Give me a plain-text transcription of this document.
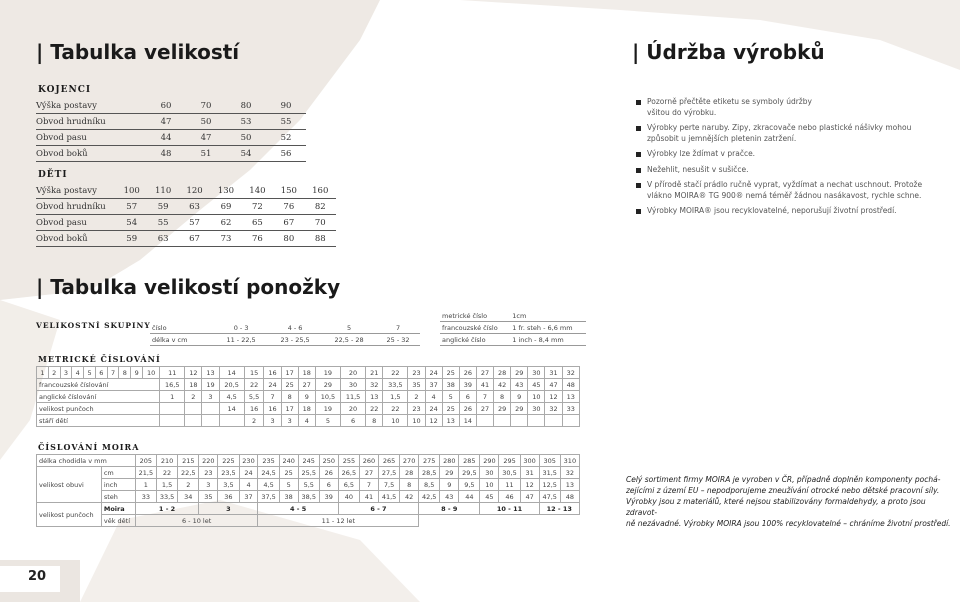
| Tabulka velikostí
KOJENCI
Výška postavy	60	70	80	90
Obvod hrudníku	47	50	53	55
Obvod pasu	44	47	50	52
Obvod boků	48	51	54	56
DĚTI
Výška postavy	100	110	120	130	140	150	160
Obvod hrudníku	57	59	63	69	72	76	82
Obvod pasu	54	55	57	62	65	67	70
Obvod boků	59	63	67	73	76	80	88
| Údržba výrobků
Pozorně přečtěte etiketu se symboly údržby
všitou do výrobku.
Výrobky perte naruby. Zipy, zkracovače nebo plastické nášivky mohou
způsobit u jemnějších pletenin zatržení.
Výrobky lze ždímat v pračce.
Nežehlit, nesušit v sušičce.
V přírodě stačí prádlo ručně vyprat, vyždímat a nechat uschnout. Protože
vlákno MOIRA® TG 900® nemá téměř žádnou nasákavost, rychle schne.
Výrobky MOIRA® jsou recyklovatelné, neporušují životní prostředí.
| Tabulka velikostí ponožky
VELIKOSTNÍ SKUPINY číslo	0 - 3	4 - 6	5	7
délka v cm	11 - 22,5	23 - 25,5	22,5 - 28	25 - 32
metrické číslo	1cm
francouzské číslo	1 fr. steh - 6,6 mm
anglické číslo	1 inch - 8,4 mm
METRICKÉ ČÍSLOVÁNÍ
1	2	3	4	5	6	7	8	9	10	11	12	13	14	15	16	17	18	19	20	21	22	23	24	25	26	27	28	29	30	31	32
francouzské číslování										16,5	18	19	20,5	22	24	25	27	29	30	32	33,5	35	37	38	39	41	42	43	45	47	48
anglické číslování										1	2	3	4,5	5,5	7	8	9	10,5	11,5	13	1,5	2	4	5	6	7	8	9	10	12	13
velikost punčoch													14	16	16	17	18	19	20	22	22	23	24	25	26	27	29	29	30	32	33
stáří dětí														2	3	3	4	5	6	8	10	10	12	13	14						
ČÍSLOVÁNÍ MOIRA
délka chodidla v mm		205	210	215	220	225	230	235	240	245	250	255	260	265	270	275	280	285	290	295	300	305	310
velikost obuvi	cm	21,5	22	22,5	23	23,5	24	24,5	25	25,5	26	26,5	27	27,5	28	28,5	29	29,5	30	30,5	31	31,5	32
	inch	1	1,5	2	3	3,5	4	4,5	5	5,5	6	6,5	7	7,5	8	8,5	9	9,5	10	11	12	12,5	13
	steh	33	33,5	34	35	36	37	37,5	38	38,5	39	40	41	41,5	42	42,5	43	44	45	46	47	47,5	48
velikost punčoch	Moira	1 - 2			3			4 - 5				6 - 7				8 - 9			10 - 11			12 - 13	
	věk dětí	6 - 10 let						11 - 12 let															
Celý sortiment firmy MOIRA je vyroben v ČR, případně doplněn komponenty pochá-
zejícími z území EU – nepodporujeme zneužívání otrocké nebo dětské pracovní síly.
Výrobky jsou z materiálů, které nejsou stabilizovány formaldehydy, a proto jsou zdravot-
ně nezávadné. Výrobky MOIRA jsou 100% recyklovatelné – chráníme životní prostředí.
20
